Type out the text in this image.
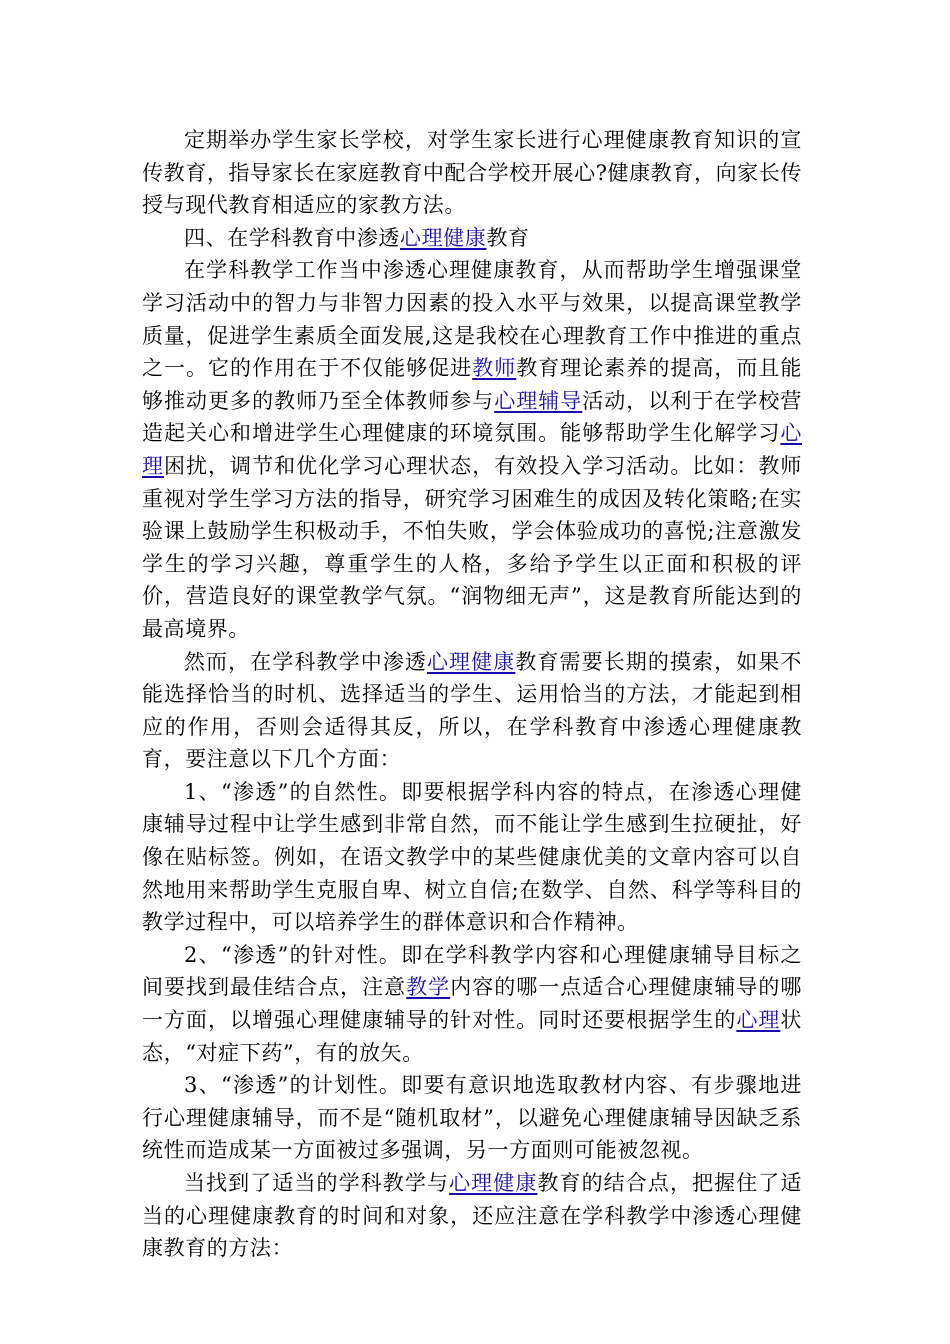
定期举办学生家长学校，对学生家长进行心理健康教育知识的宣传教育，指导家长在家庭教育中配合学校开展心?健康教育，向家长传授与现代教育相适应的家教方法。

四、在学科教育中渗透心理健康教育

在学科教学工作当中渗透心理健康教育，从而帮助学生增强课堂学习活动中的智力与非智力因素的投入水平与效果，以提高课堂教学质量，促进学生素质全面发展,这是我校在心理教育工作中推进的重点之一。它的作用在于不仅能够促进教师教育理论素养的提高，而且能够推动更多的教师乃至全体教师参与心理辅导活动，以利于在学校营造起关心和增进学生心理健康的环境氛围。能够帮助学生化解学习心理困扰，调节和优化学习心理状态，有效投入学习活动。比如：教师重视对学生学习方法的指导，研究学习困难生的成因及转化策略;在实验课上鼓励学生积极动手，不怕失败，学会体验成功的喜悦;注意激发学生的学习兴趣，尊重学生的人格，多给予学生以正面和积极的评价，营造良好的课堂教学气氛。“润物细无声”，这是教育所能达到的最高境界。

然而，在学科教学中渗透心理健康教育需要长期的摸索，如果不能选择恰当的时机、选择适当的学生、运用恰当的方法，才能起到相应的作用，否则会适得其反，所以，在学科教育中渗透心理健康教育，要注意以下几个方面：

1、“渗透”的自然性。即要根据学科内容的特点，在渗透心理健康辅导过程中让学生感到非常自然，而不能让学生感到生拉硬扯，好像在贴标签。例如，在语文教学中的某些健康优美的文章内容可以自然地用来帮助学生克服自卑、树立自信;在数学、自然、科学等科目的教学过程中，可以培养学生的群体意识和合作精神。

2、“渗透”的针对性。即在学科教学内容和心理健康辅导目标之间要找到最佳结合点，注意教学内容的哪一点适合心理健康辅导的哪一方面，以增强心理健康辅导的针对性。同时还要根据学生的心理状态，“对症下药”，有的放矢。

3、“渗透”的计划性。即要有意识地选取教材内容、有步骤地进行心理健康辅导，而不是“随机取材”，以避免心理健康辅导因缺乏系统性而造成某一方面被过多强调，另一方面则可能被忽视。

当找到了适当的学科教学与心理健康教育的结合点，把握住了适当的心理健康教育的时间和对象，还应注意在学科教学中渗透心理健康教育的方法：
